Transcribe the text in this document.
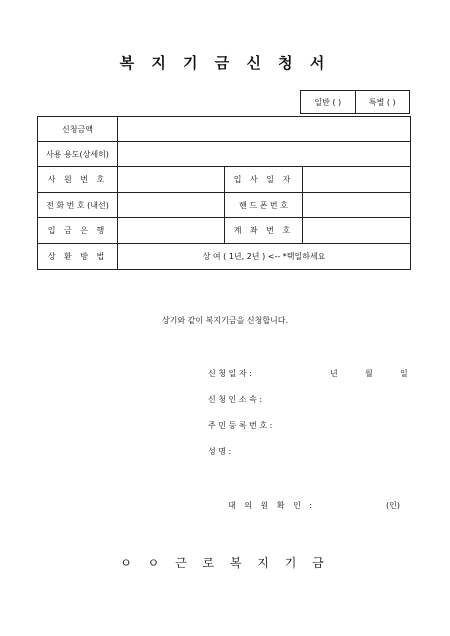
복 지 기 금 신 청 서
일반 ( )	특별 ( )
신청금액			
사용 용도(상세히)			
사 원 번 호		입 사 일 자	
전 화 번 호 (내선)		핸 드 폰 번 호	
입 금 은 행		계 좌 번 호	
상 환 방 법	상 여 ( 1년, 2년 ) <-- *택일하세요		
상기와 같이 복지기금을 신청합니다.
신 청 일 자 :	년	월	일
신 청 인 소 속 :
주 민 등 록 번 호 :
성 명 :
대 의 원 확 인 :	(인)
ㅇ ㅇ 근 로 복 지 기 금
